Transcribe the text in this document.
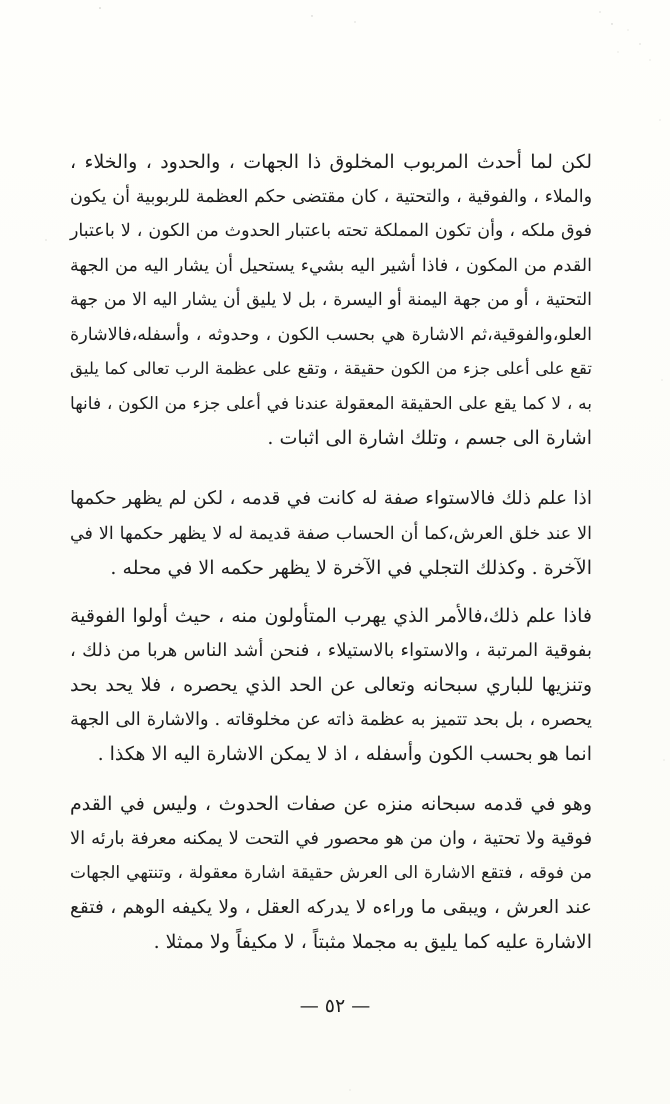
لكن لما أحدث المربوب المخلوق ذا الجهات ، والحدود ، والخلاء ،
والملاء ، والفوقية ، والتحتية ، كان مقتضى حكم العظمة للربوبية أن يكون
فوق ملكه ، وأن تكون المملكة تحته باعتبار الحدوث من الكون ، لا باعتبار
القدم من المكون ، فاذا أشير اليه بشيء يستحيل أن يشار اليه من الجهة
التحتية ، أو من جهة اليمنة أو اليسرة ، بل لا يليق أن يشار اليه الا من جهة
العلو،والفوقية،ثم الاشارة هي بحسب الكون ، وحدوثه ، وأسفله،فالاشارة
تقع على أعلى جزء من الكون حقيقة ، وتقع على عظمة الرب تعالى كما يليق
به ، لا كما يقع على الحقيقة المعقولة عندنا في أعلى جزء من الكون ، فانها
اشارة الى جسم ، وتلك اشارة الى اثبات .

اذا علم ذلك فالاستواء صفة له كانت في قدمه ، لكن لم يظهر حكمها
الا عند خلق العرش،كما أن الحساب صفة قديمة له لا يظهر حكمها الا في
الآخرة . وكذلك التجلي في الآخرة لا يظهر حكمه الا في محله .

فاذا علم ذلك،فالأمر الذي يهرب المتأولون منه ، حيث أولوا الفوقية
بفوقية المرتبة ، والاستواء بالاستيلاء ، فنحن أشد الناس هربا من ذلك ،
وتنزيها للباري سبحانه وتعالى عن الحد الذي يحصره ، فلا يحد بحد
يحصره ، بل بحد تتميز به عظمة ذاته عن مخلوقاته . والاشارة الى الجهة
انما هو بحسب الكون وأسفله ، اذ لا يمكن الاشارة اليه الا هكذا .

وهو في قدمه سبحانه منزه عن صفات الحدوث ، وليس في القدم
فوقية ولا تحتية ، وان من هو محصور في التحت لا يمكنه معرفة بارئه الا
من فوقه ، فتقع الاشارة الى العرش حقيقة اشارة معقولة ، وتنتهي الجهات
عند العرش ، ويبقى ما وراءه لا يدركه العقل ، ولا يكيفه الوهم ، فتقع
الاشارة عليه كما يليق به مجملا مثبتاً ، لا مكيفاً ولا ممثلا .

— ٥٢ —
